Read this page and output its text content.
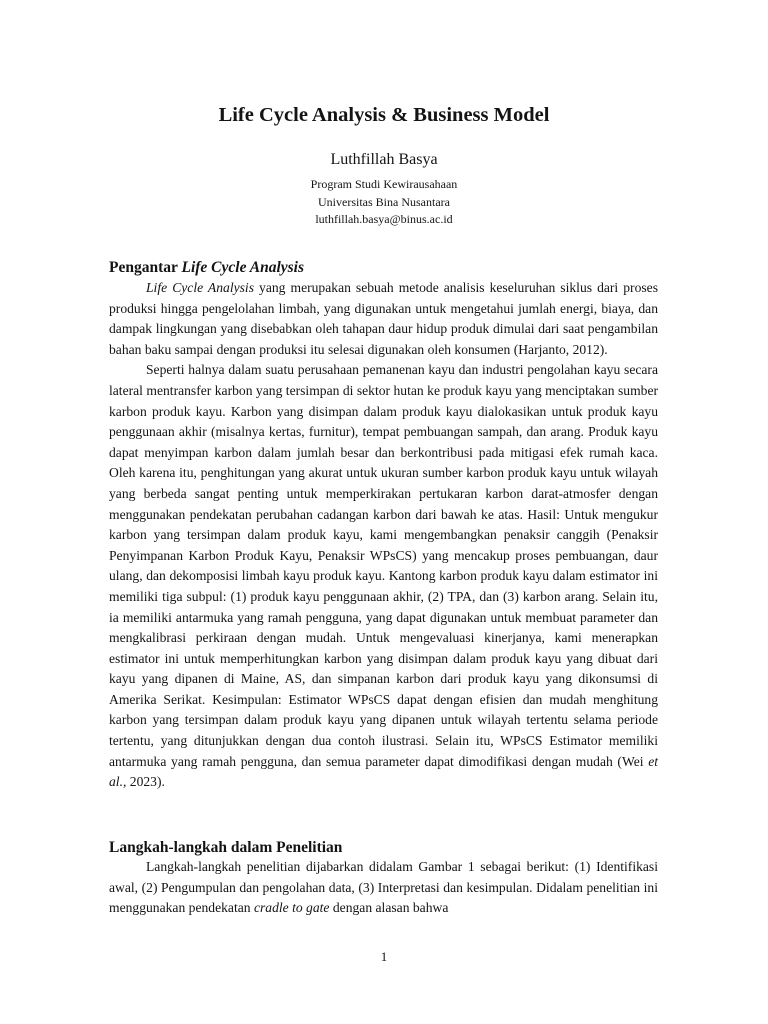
Life Cycle Analysis & Business Model
Luthfillah Basya
Program Studi Kewirausahaan
Universitas Bina Nusantara
luthfillah.basya@binus.ac.id
Pengantar Life Cycle Analysis

Life Cycle Analysis yang merupakan sebuah metode analisis keseluruhan siklus dari proses produksi hingga pengelolahan limbah, yang digunakan untuk mengetahui jumlah energi, biaya, dan dampak lingkungan yang disebabkan oleh tahapan daur hidup produk dimulai dari saat pengambilan bahan baku sampai dengan produksi itu selesai digunakan oleh konsumen (Harjanto, 2012).

Seperti halnya dalam suatu perusahaan pemanenan kayu dan industri pengolahan kayu secara lateral mentransfer karbon yang tersimpan di sektor hutan ke produk kayu yang menciptakan sumber karbon produk kayu. Karbon yang disimpan dalam produk kayu dialokasikan untuk produk kayu penggunaan akhir (misalnya kertas, furnitur), tempat pembuangan sampah, dan arang. Produk kayu dapat menyimpan karbon dalam jumlah besar dan berkontribusi pada mitigasi efek rumah kaca. Oleh karena itu, penghitungan yang akurat untuk ukuran sumber karbon produk kayu untuk wilayah yang berbeda sangat penting untuk memperkirakan pertukaran karbon darat-atmosfer dengan menggunakan pendekatan perubahan cadangan karbon dari bawah ke atas. Hasil: Untuk mengukur karbon yang tersimpan dalam produk kayu, kami mengembangkan penaksir canggih (Penaksir Penyimpanan Karbon Produk Kayu, Penaksir WPsCS) yang mencakup proses pembuangan, daur ulang, dan dekomposisi limbah kayu produk kayu. Kantong karbon produk kayu dalam estimator ini memiliki tiga subpul: (1) produk kayu penggunaan akhir, (2) TPA, dan (3) karbon arang. Selain itu, ia memiliki antarmuka yang ramah pengguna, yang dapat digunakan untuk membuat parameter dan mengkalibrasi perkiraan dengan mudah. Untuk mengevaluasi kinerjanya, kami menerapkan estimator ini untuk memperhitungkan karbon yang disimpan dalam produk kayu yang dibuat dari kayu yang dipanen di Maine, AS, dan simpanan karbon dari produk kayu yang dikonsumsi di Amerika Serikat. Kesimpulan: Estimator WPsCS dapat dengan efisien dan mudah menghitung karbon yang tersimpan dalam produk kayu yang dipanen untuk wilayah tertentu selama periode tertentu, yang ditunjukkan dengan dua contoh ilustrasi. Selain itu, WPsCS Estimator memiliki antarmuka yang ramah pengguna, dan semua parameter dapat dimodifikasi dengan mudah (Wei et al., 2023).

Langkah-langkah dalam Penelitian

Langkah-langkah penelitian dijabarkan didalam Gambar 1 sebagai berikut: (1) Identifikasi awal, (2) Pengumpulan dan pengolahan data, (3) Interpretasi dan kesimpulan. Didalam penelitian ini menggunakan pendekatan cradle to gate dengan alasan bahwa

1
